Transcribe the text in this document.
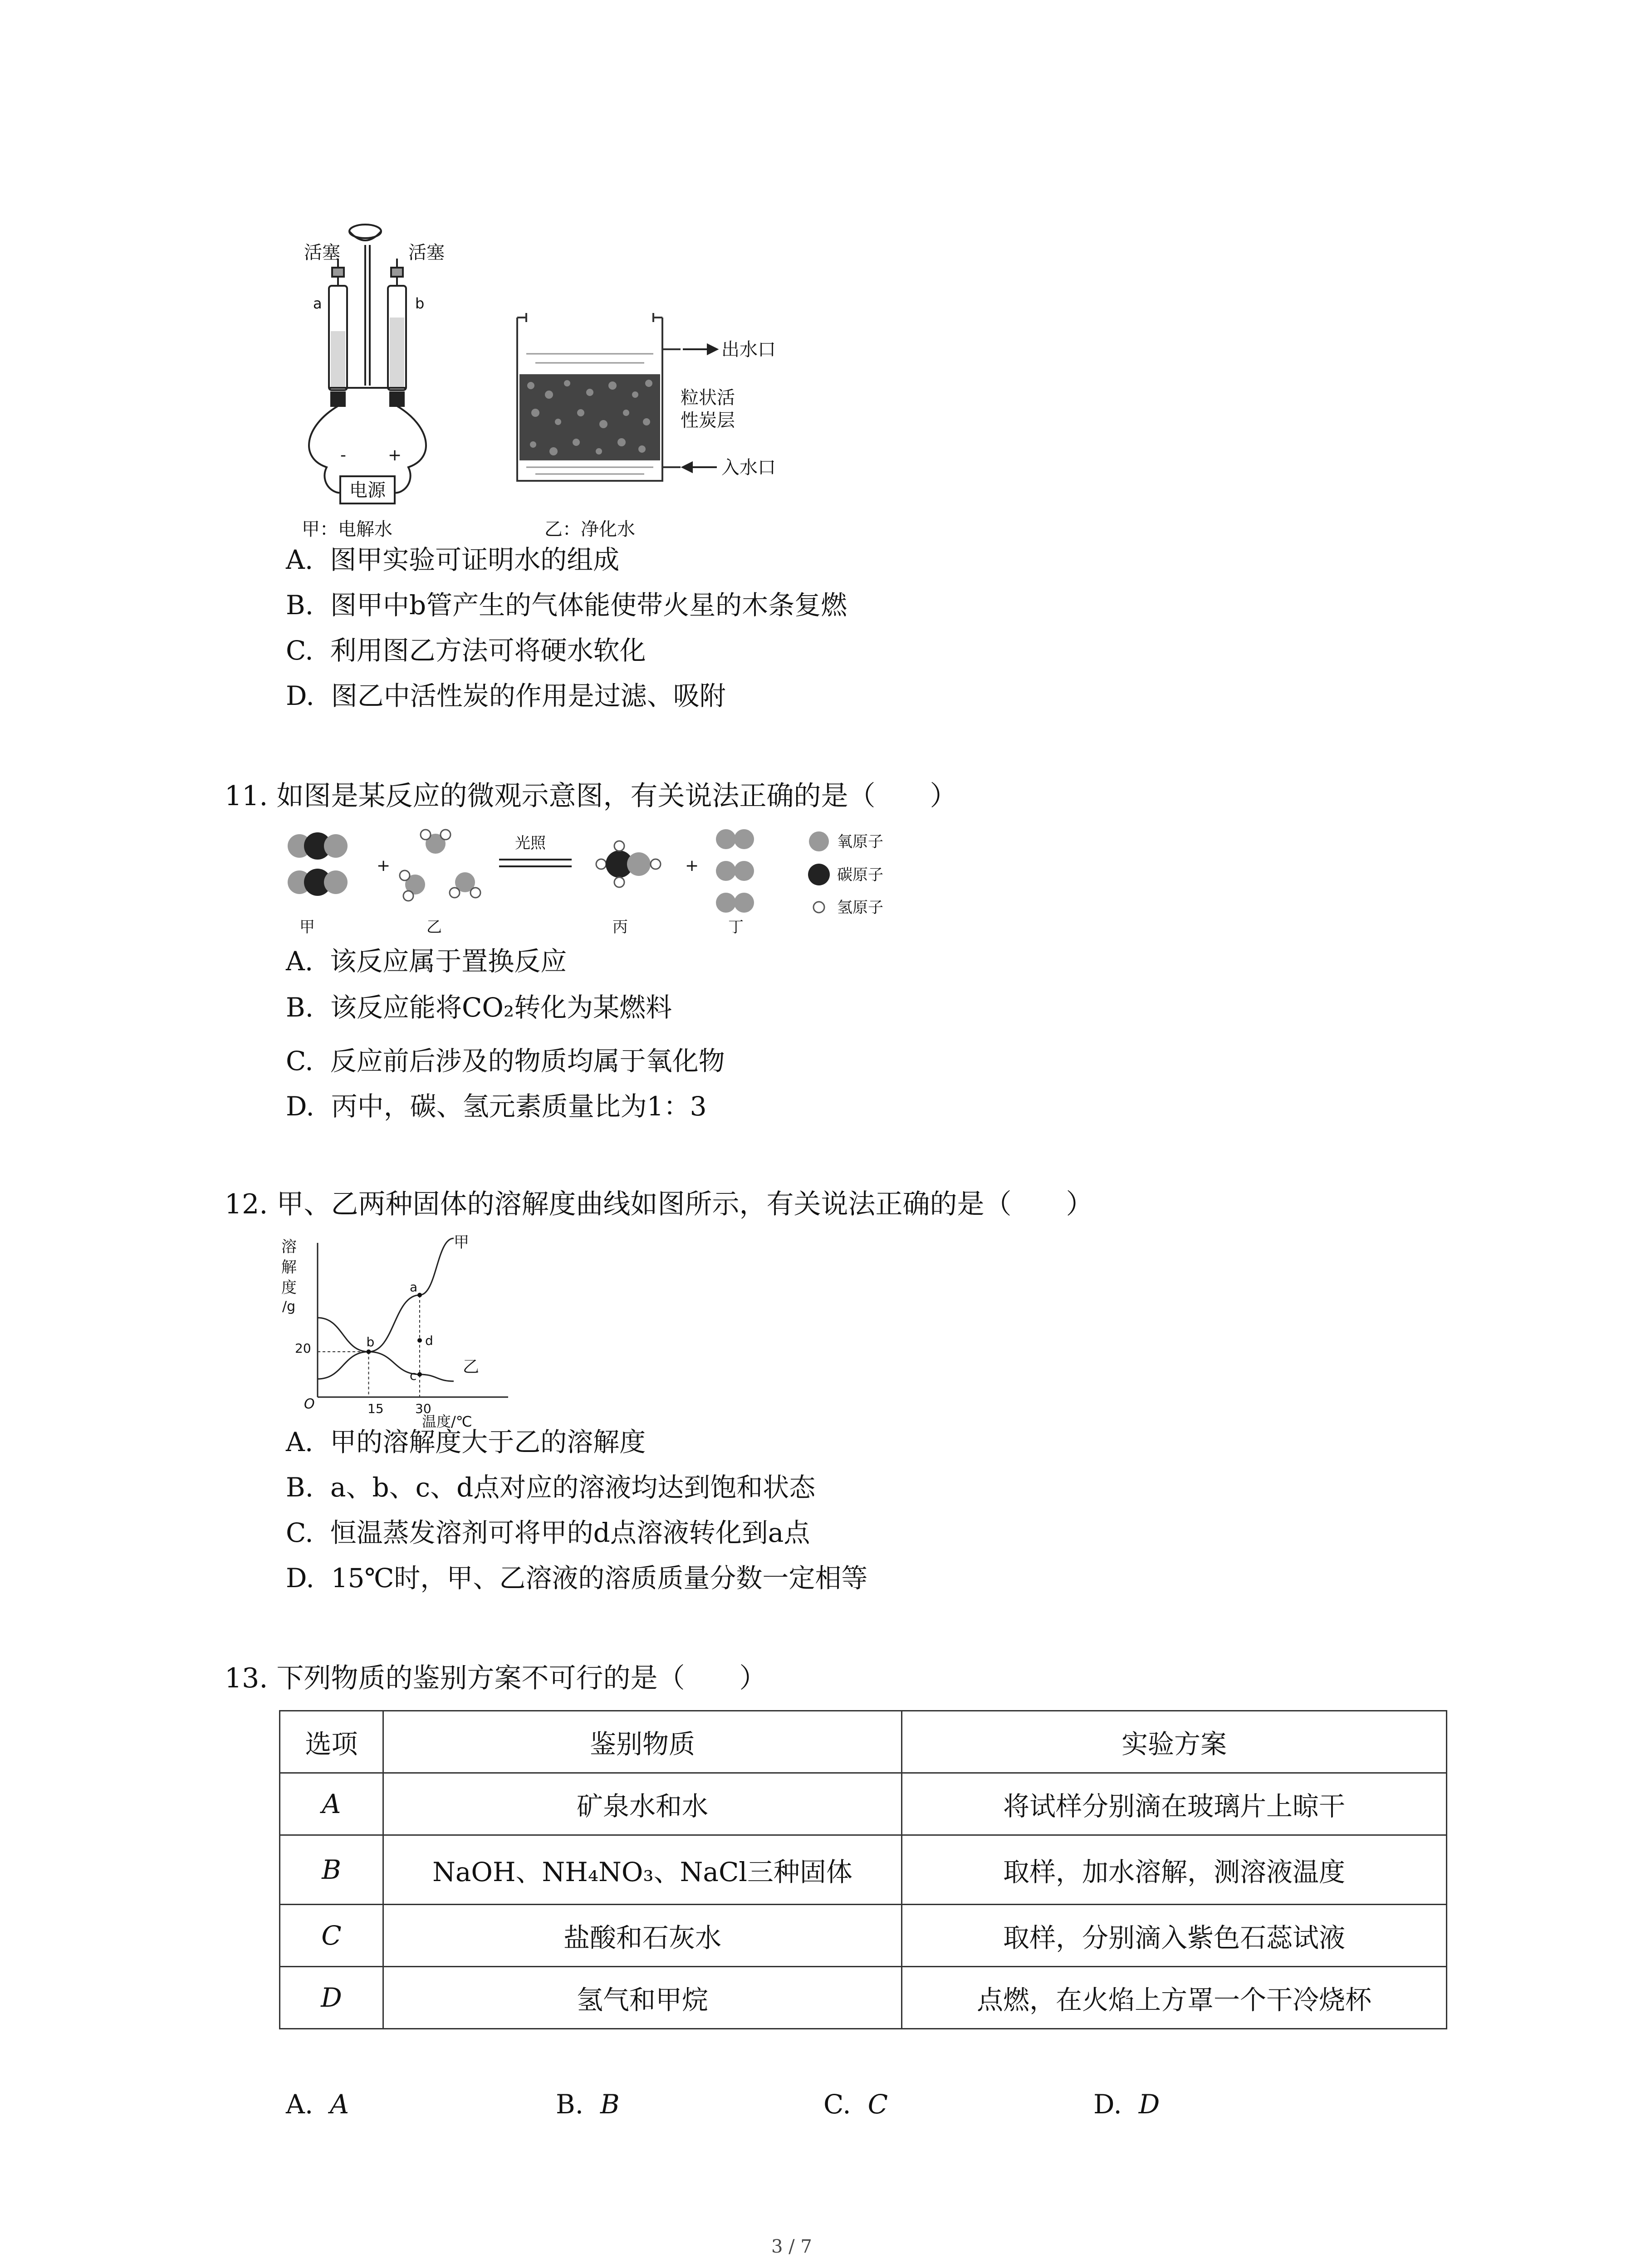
活塞	活塞
a	b
-	+
电源
甲：电解水
出水口
粒状活
性炭层
入水口
乙：净化水
A. 图甲实验可证明水的组成
B. 图甲中b管产生的气体能使带火星的木条复燃
C. 利用图乙方法可将硬水软化
D. 图乙中活性炭的作用是过滤、吸附
11. 如图是某反应的微观示意图，有关说法正确的是（　　）
+
光照
+
氧原子
碳原子
氢原子
甲	乙	丙	丁
A. 该反应属于置换反应
B. 该反应能将CO₂转化为某燃料
C. 反应前后涉及的物质均属于氧化物
D. 丙中，碳、氢元素质量比为1：3
12. 甲、乙两种固体的溶解度曲线如图所示，有关说法正确的是（　　）
溶
解
度
/g
O
20
15 30
温度/℃
a
b
c
d
甲
乙
A. 甲的溶解度大于乙的溶解度
B. a、b、c、d点对应的溶液均达到饱和状态
C. 恒温蒸发溶剂可将甲的d点溶液转化到a点
D. 15℃时，甲、乙溶液的溶质质量分数一定相等
13. 下列物质的鉴别方案不可行的是（　　）
选项	鉴别物质	实验方案
A	矿泉水和水	将试样分别滴在玻璃片上晾干
B	NaOH、NH₄NO₃、NaCl三种固体	取样，加水溶解，测溶液温度
C	盐酸和石灰水	取样，分别滴入紫色石蕊试液
D	氢气和甲烷	点燃，在火焰上方罩一个干冷烧杯
A. A	B. B	C. C	D. D
3 / 7
